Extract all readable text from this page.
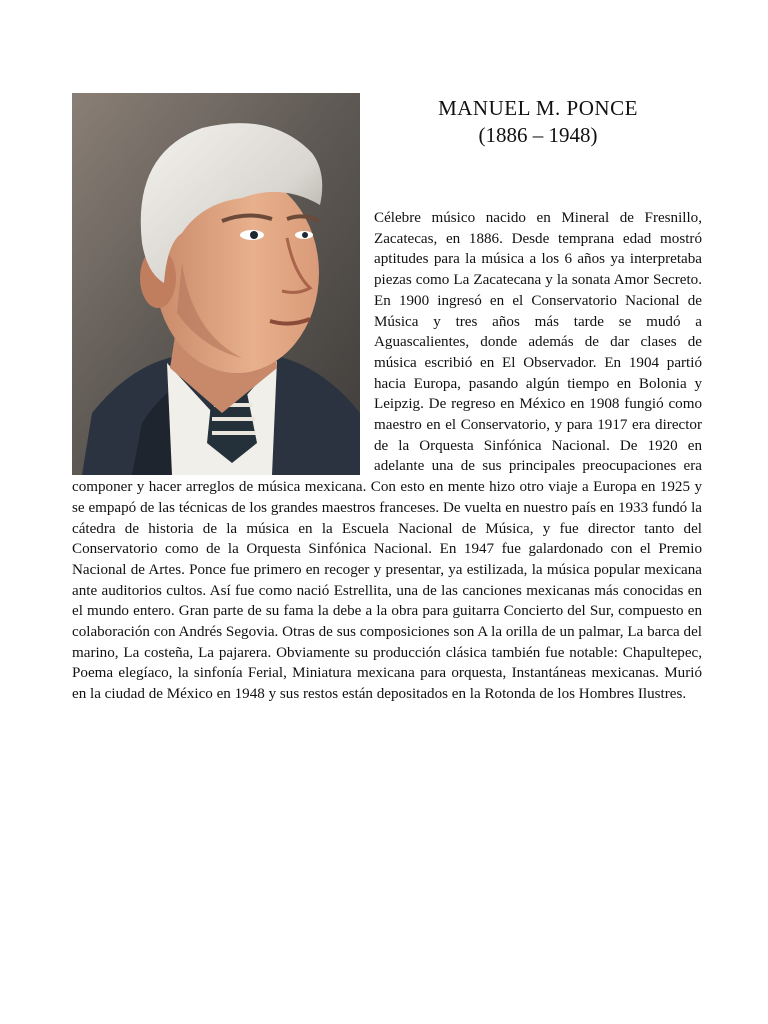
MANUEL M. PONCE
(1886 – 1948)

Célebre músico nacido en Mineral de Fresnillo, Zacatecas, en 1886. Desde temprana edad mostró aptitudes para la música a los 6 años ya interpretaba piezas como La Zacatecana y la sonata Amor Secreto. En 1900 ingresó en el Conservatorio Nacional de Música y tres años más tarde se mudó a Aguascalientes, donde además de dar clases de música escribió en El Observador. En 1904 partió hacia Europa, pasando algún tiempo en Bolonia y Leipzig. De regreso en México en 1908 fungió como maestro en el Conservatorio, y para 1917 era director de la Orquesta Sinfónica Nacional. De 1920 en adelante una de sus principales preocupaciones era componer y hacer arreglos de música mexicana. Con esto en mente hizo otro viaje a Europa en 1925 y se empapó de las técnicas de los grandes maestros franceses. De vuelta en nuestro país en 1933 fundó la cátedra de historia de la música en la Escuela Nacional de Música, y fue director tanto del Conservatorio como de la Orquesta Sinfónica Nacional. En 1947 fue galardonado con el Premio Nacional de Artes. Ponce fue primero en recoger y presentar, ya estilizada, la música popular mexicana ante auditorios cultos. Así fue como nació Estrellita, una de las canciones mexicanas más conocidas en el mundo entero. Gran parte de su fama la debe a la obra para guitarra Concierto del Sur, compuesto en colaboración con Andrés Segovia. Otras de sus composiciones son A la orilla de un palmar, La barca del marino, La costeña, La pajarera. Obviamente su producción clásica también fue notable: Chapultepec, Poema elegíaco, la sinfonía Ferial, Miniatura mexicana para orquesta, Instantáneas mexicanas. Murió en la ciudad de México en 1948 y sus restos están depositados en la Rotonda de los Hombres Ilustres.
